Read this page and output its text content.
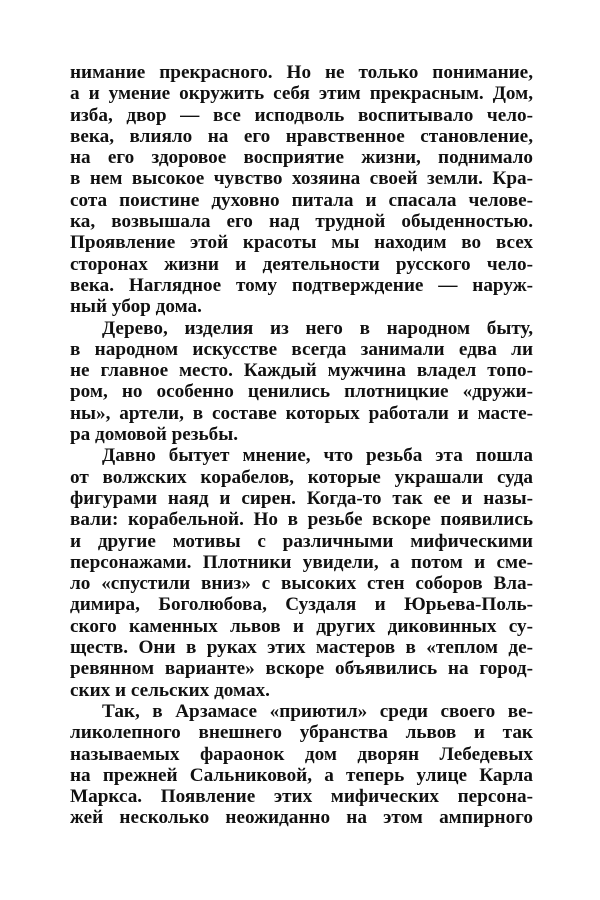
нимание прекрасного. Но не только понимание,
а и умение окружить себя этим прекрасным. Дом,
изба, двор — все исподволь воспитывало чело-
века, влияло на его нравственное становление,
на его здоровое восприятие жизни, поднимало
в нем высокое чувство хозяина своей земли. Кра-
сота поистине духовно питала и спасала челове-
ка, возвышала его над трудной обыденностью.
Проявление этой красоты мы находим во всех
сторонах жизни и деятельности русского чело-
века. Наглядное тому подтверждение — наруж-
ный убор дома.
Дерево, изделия из него в народном быту,
в народном искусстве всегда занимали едва ли
не главное место. Каждый мужчина владел топо-
ром, но особенно ценились плотницкие «дружи-
ны», артели, в составе которых работали и масте-
ра домовой резьбы.
Давно бытует мнение, что резьба эта пошла
от волжских корабелов, которые украшали суда
фигурами наяд и сирен. Когда-то так ее и назы-
вали: корабельной. Но в резьбе вскоре появились
и другие мотивы с различными мифическими
персонажами. Плотники увидели, а потом и сме-
ло «спустили вниз» с высоких стен соборов Вла-
димира, Боголюбова, Суздаля и Юрьева-Поль-
ского каменных львов и других диковинных су-
ществ. Они в руках этих мастеров в «теплом де-
ревянном варианте» вскоре объявились на город-
ских и сельских домах.
Так, в Арзамасе «приютил» среди своего ве-
ликолепного внешнего убранства львов и так
называемых фараонок дом дворян Лебедевых
на прежней Сальниковой, а теперь улице Карла
Маркса. Появление этих мифических персона-
жей несколько неожиданно на этом ампирного
